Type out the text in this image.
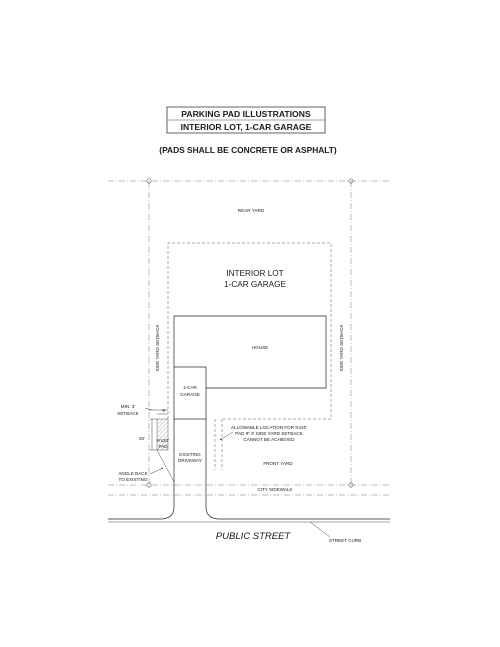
PARKING PAD ILLUSTRATIONS
INTERIOR LOT, 1-CAR GARAGE
(PADS SHALL BE CONCRETE OR ASPHALT)
REAR YARD
INTERIOR LOT
1-CAR GARAGE
SIDE YARD SETBACK	SIDE YARD SETBACK
HOUSE
1-CAR
GARAGE
MIN. 3'
SETBACK
9'
20'	9'x20'
PAD
EXISTING
DRIVEWAY
ALLOWABLE LOCATION FOR 9'x20'
PAD IF 3' SIDE YARD SETBACK
CANNOT BE ACHIEVED
FRONT YARD
ANGLE BACK
TO EXISTING
CITY SIDEWALK
PUBLIC STREET	STREET CURB
